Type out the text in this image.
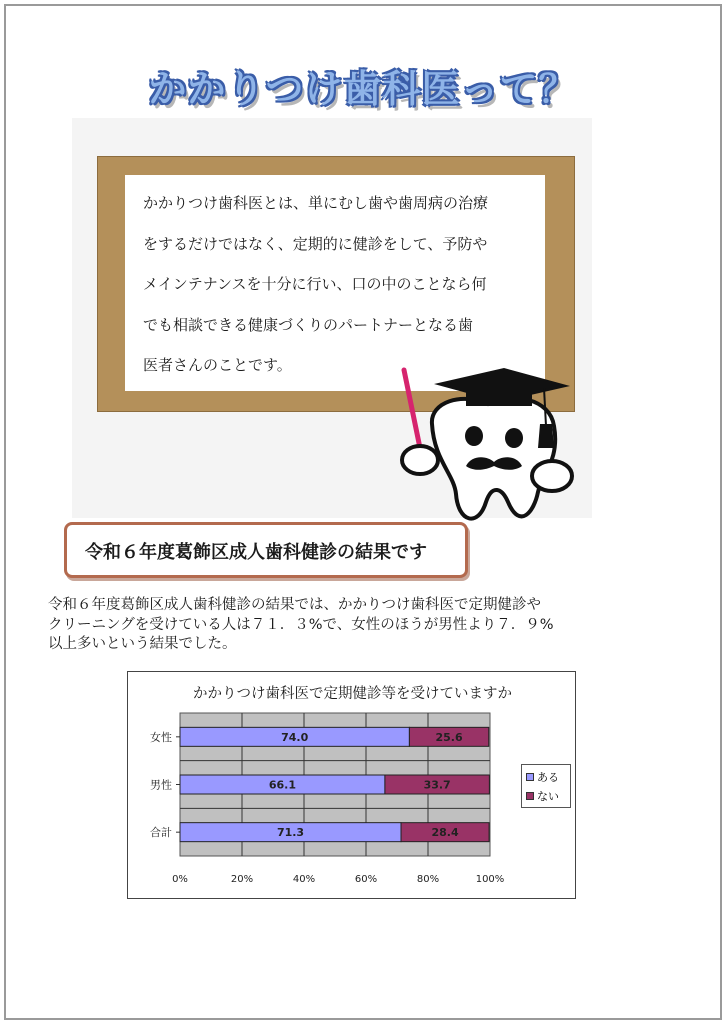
かかりつけ歯科医って？
かかりつけ歯科医とは、単にむし歯や歯周病の治療
をするだけではなく、定期的に健診をして、予防や
メインテナンスを十分に行い、口の中のことなら何
でも相談できる健康づくりのパートナーとなる歯
医者さんのことです。
令和６年度葛飾区成人歯科健診の結果です

令和６年度葛飾区成人歯科健診の結果では、かかりつけ歯科医で定期健診や

クリーニングを受けている人は７１．３%で、女性のほうが男性より７．９%

以上多いという結果でした。

かかりつけ歯科医で定期健診等を受けていますか
0%	20%	40%	60%	80%	100%
女性	74.0	25.6
男性	66.1	33.7
合計	71.3	28.4
ある
ない
